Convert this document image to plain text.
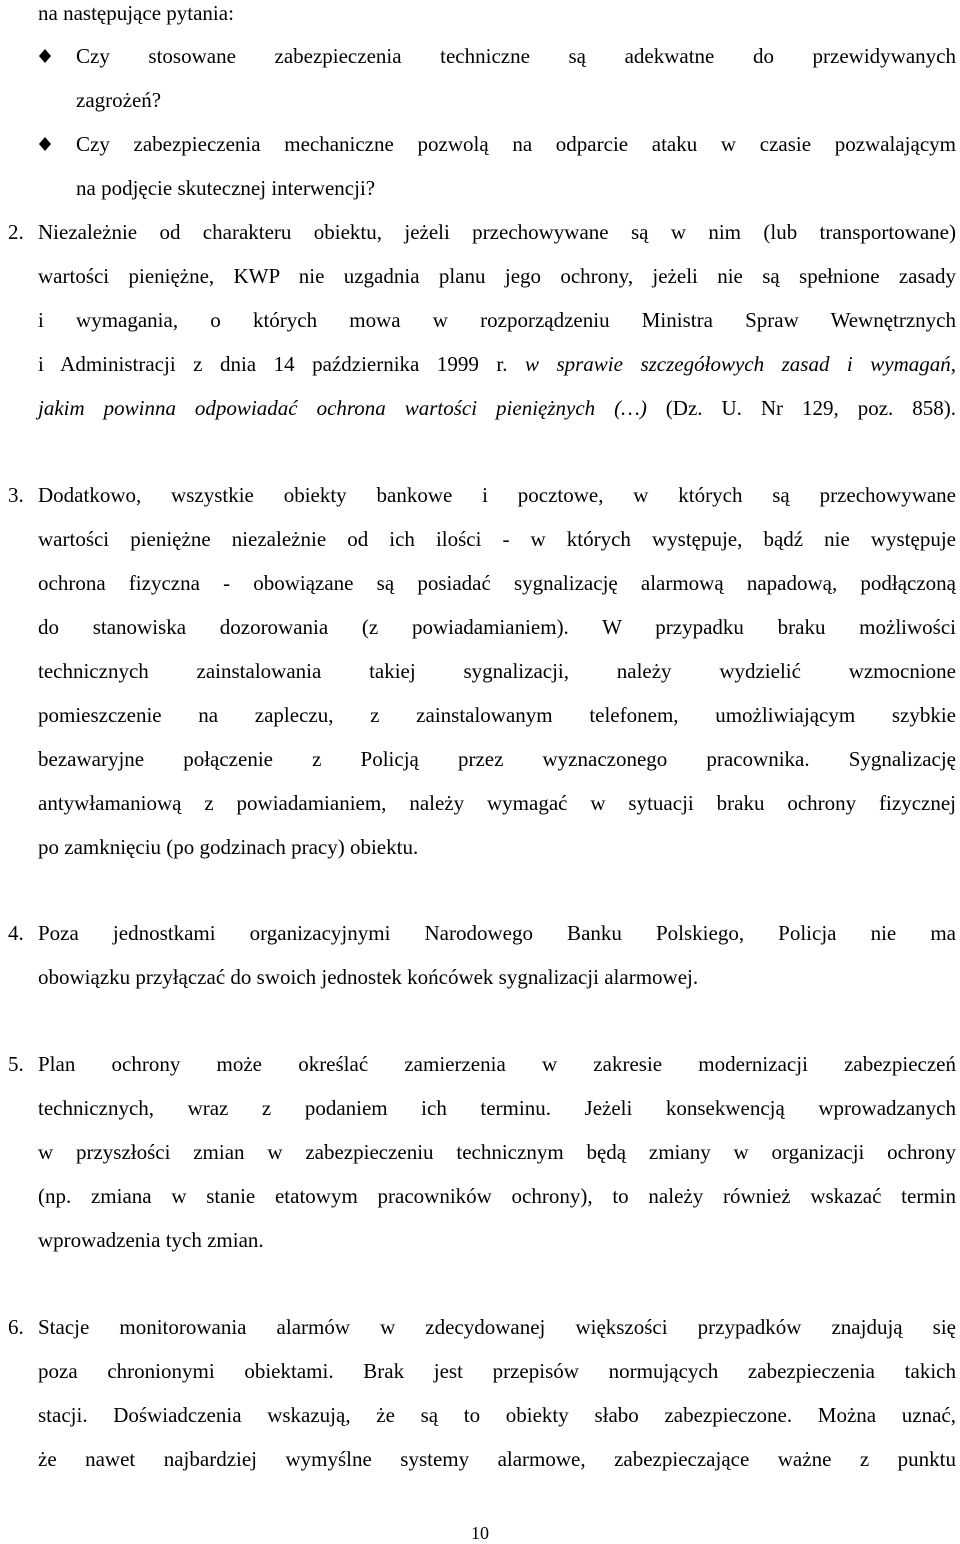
na następujące pytania:
Czy stosowane zabezpieczenia techniczne są adekwatne do przewidywanych
zagrożeń?
Czy zabezpieczenia mechaniczne pozwolą na odparcie ataku w czasie pozwalającym
na podjęcie skutecznej interwencji?
2. Niezależnie od charakteru obiektu, jeżeli przechowywane są w nim (lub transportowane)
wartości pieniężne, KWP nie uzgadnia planu jego ochrony, jeżeli nie są spełnione zasady
i wymagania, o których mowa w rozporządzeniu Ministra Spraw Wewnętrznych
i Administracji z dnia 14 października 1999 r. w sprawie szczegółowych zasad i wymagań,
jakim powinna odpowiadać ochrona wartości pieniężnych (…) (Dz. U. Nr 129, poz. 858).
3. Dodatkowo, wszystkie obiekty bankowe i pocztowe, w których są przechowywane
wartości pieniężne niezależnie od ich ilości - w których występuje, bądź nie występuje
ochrona fizyczna - obowiązane są posiadać sygnalizację alarmową napadową, podłączoną
do stanowiska dozorowania (z powiadamianiem). W przypadku braku możliwości
technicznych zainstalowania takiej sygnalizacji, należy wydzielić wzmocnione
pomieszczenie na zapleczu, z zainstalowanym telefonem, umożliwiającym szybkie
bezawaryjne połączenie z Policją przez wyznaczonego pracownika. Sygnalizację
antywłamaniową z powiadamianiem, należy wymagać w sytuacji braku ochrony fizycznej
po zamknięciu (po godzinach pracy) obiektu.
4. Poza jednostkami organizacyjnymi Narodowego Banku Polskiego, Policja nie ma
obowiązku przyłączać do swoich jednostek końcówek sygnalizacji alarmowej.
5. Plan ochrony może określać zamierzenia w zakresie modernizacji zabezpieczeń
technicznych, wraz z podaniem ich terminu. Jeżeli konsekwencją wprowadzanych
w przyszłości zmian w zabezpieczeniu technicznym będą zmiany w organizacji ochrony
(np. zmiana w stanie etatowym pracowników ochrony), to należy również wskazać termin
wprowadzenia tych zmian.
6. Stacje monitorowania alarmów w zdecydowanej większości przypadków znajdują się
poza chronionymi obiektami. Brak jest przepisów normujących zabezpieczenia takich
stacji. Doświadczenia wskazują, że są to obiekty słabo zabezpieczone. Można uznać,
że nawet najbardziej wymyślne systemy alarmowe, zabezpieczające ważne z punktu
10
